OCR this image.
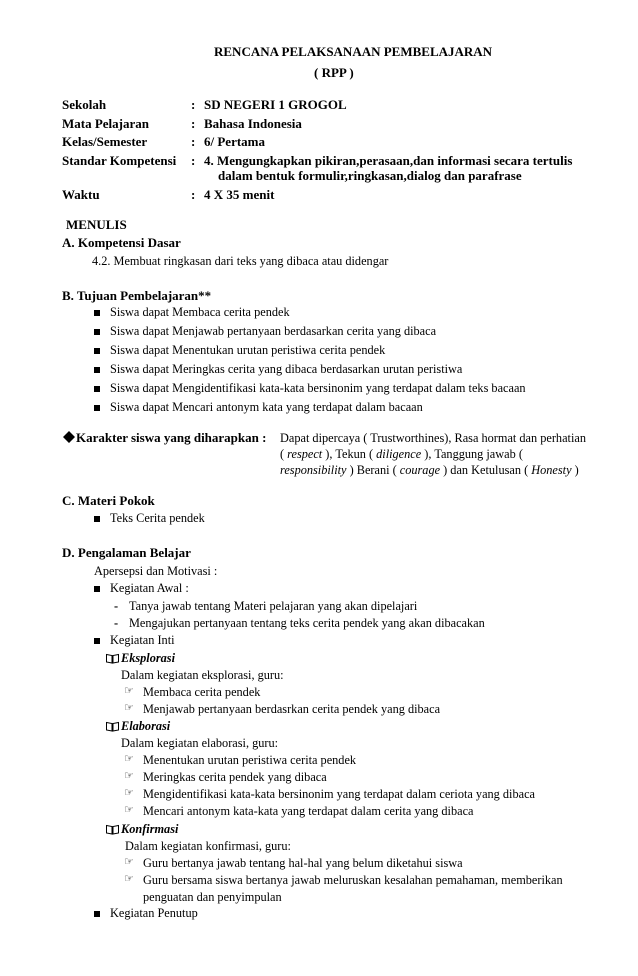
RENCANA PELAKSANAAN PEMBELAJARAN
( RPP )
Sekolah	: SD NEGERI 1 GROGOL
Mata Pelajaran	: Bahasa Indonesia
Kelas/Semester	: 6/ Pertama
Standar Kompetensi : 4. Mengungkapkan pikiran,perasaan,dan informasi secara tertulis
dalam bentuk formulir,ringkasan,dialog dan parafrase
Waktu	: 4 X 35 menit
MENULIS
A. Kompetensi Dasar
4.2. Membuat ringkasan dari teks yang dibaca atau didengar
B. Tujuan Pembelajaran**
Siswa dapat Membaca cerita pendek
Siswa dapat Menjawab pertanyaan berdasarkan cerita yang dibaca
Siswa dapat Menentukan urutan peristiwa cerita pendek
Siswa dapat Meringkas cerita yang dibaca berdasarkan urutan peristiwa
Siswa dapat Mengidentifikasi kata-kata bersinonim yang terdapat dalam teks bacaan
Siswa dapat Mencari antonym kata yang terdapat dalam bacaan
Karakter siswa yang diharapkan : Dapat dipercaya ( Trustworthines), Rasa hormat dan perhatian
( respect ), Tekun ( diligence ), Tanggung jawab (
responsibility ) Berani ( courage ) dan Ketulusan ( Honesty )
C. Materi Pokok
Teks Cerita pendek
D. Pengalaman Belajar
Apersepsi dan Motivasi :
Kegiatan Awal :
- Tanya jawab tentang Materi pelajaran yang akan dipelajari
- Mengajukan pertanyaan tentang teks cerita pendek yang akan dibacakan
Kegiatan Inti
Eksplorasi
Dalam kegiatan eksplorasi, guru:
☞ Membaca cerita pendek
☞ Menjawab pertanyaan berdasrkan cerita pendek yang dibaca
Elaborasi
Dalam kegiatan elaborasi, guru:
☞ Menentukan urutan peristiwa cerita pendek
☞ Meringkas cerita pendek yang dibaca
☞ Mengidentifikasi kata-kata bersinonim yang terdapat dalam ceriota yang dibaca
☞ Mencari antonym kata-kata yang terdapat dalam cerita yang dibaca
Konfirmasi
Dalam kegiatan konfirmasi, guru:
☞ Guru bertanya jawab tentang hal-hal yang belum diketahui siswa
☞ Guru bersama siswa bertanya jawab meluruskan kesalahan pemahaman, memberikan
penguatan dan penyimpulan
Kegiatan Penutup
